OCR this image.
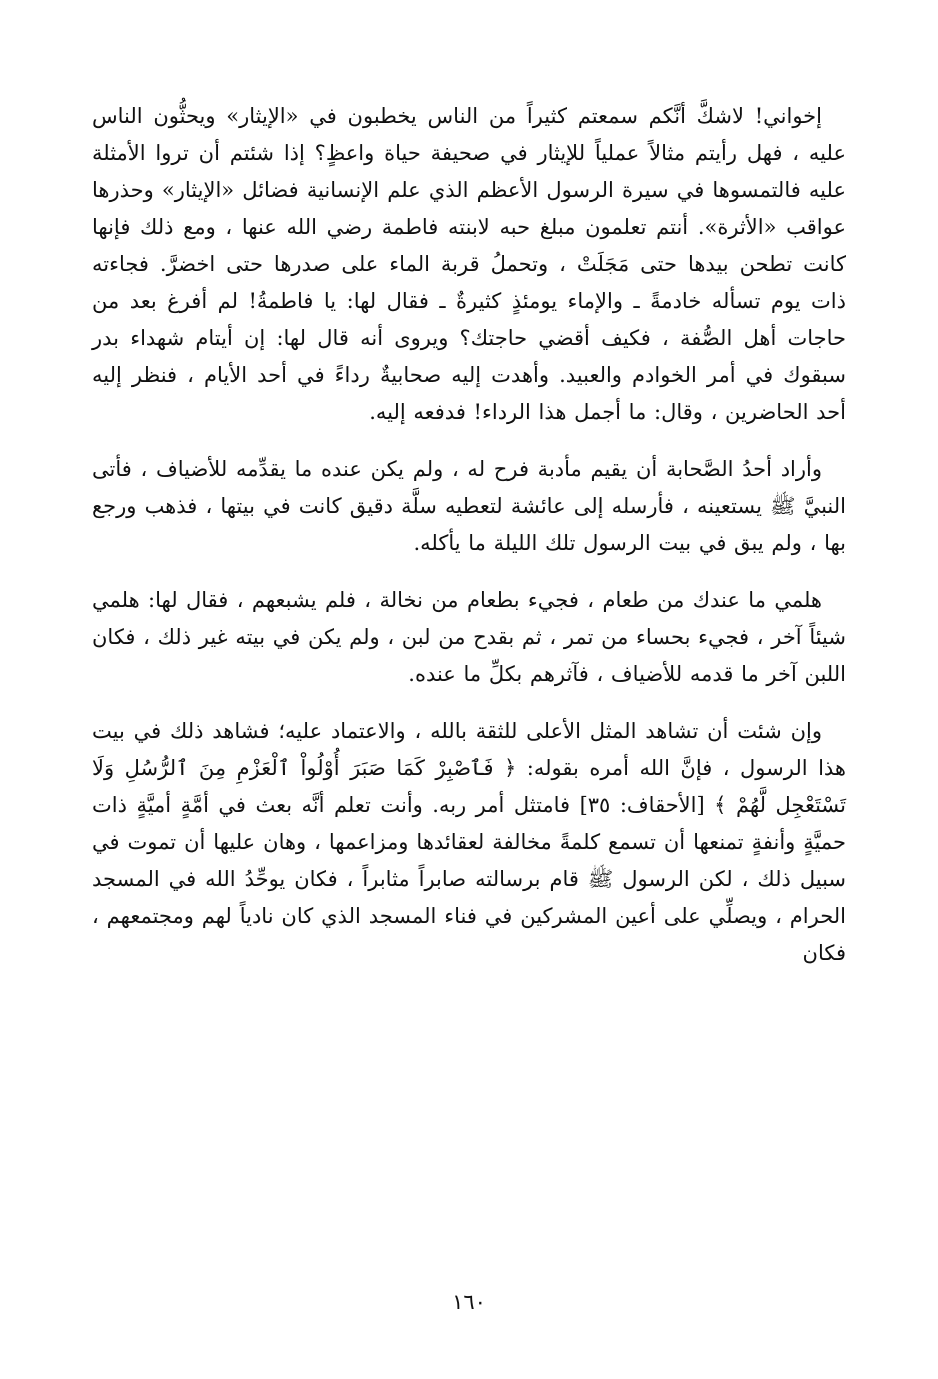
إخواني! لاشكَّ أنَّكم سمعتم كثيراً من الناس يخطبون في «الإيثار» ويحثُّون الناس عليه ، فهل رأيتم مثالاً عملياً للإيثار في صحيفة حياة واعظٍ؟ إذا شئتم أن تروا الأمثلة عليه فالتمسوها في سيرة الرسول الأعظم الذي علم الإنسانية فضائل «الإيثار» وحذرها عواقب «الأثرة». أنتم تعلمون مبلغ حبه لابنته فاطمة رضي الله عنها ، ومع ذلك فإنها كانت تطحن بيدها حتى مَجَلَتْ ، وتحملُ قربة الماء على صدرها حتى اخضرَّ. فجاءته ذات يوم تسأله خادمةً ـ والإماء يومئذٍ كثيرةٌ ـ فقال لها: يا فاطمةُ! لم أفرغ بعد من حاجات أهل الصُّفة ، فكيف أقضي حاجتك؟ ويروى أنه قال لها: إن أيتام شهداء بدر سبقوك في أمر الخوادم والعبيد. وأهدت إليه صحابيةٌ رداءً في أحد الأيام ، فنظر إليه أحد الحاضرين ، وقال: ما أجمل هذا الرداء! فدفعه إليه.

وأراد أحدُ الصَّحابة أن يقيم مأدبة فرح له ، ولم يكن عنده ما يقدِّمه للأضياف ، فأتى النبيَّ ﷺ يستعينه ، فأرسله إلى عائشة لتعطيه سلَّة دقيق كانت في بيتها ، فذهب ورجع بها ، ولم يبق في بيت الرسول تلك الليلة ما يأكله.

هلمي ما عندك من طعام ، فجيء بطعام من نخالة ، فلم يشبعهم ، فقال لها: هلمي شيئاً آخر ، فجيء بحساء من تمر ، ثم بقدح من لبن ، ولم يكن في بيته غير ذلك ، فكان اللبن آخر ما قدمه للأضياف ، فآثرهم بكلِّ ما عنده.

وإن شئت أن تشاهد المثل الأعلى للثقة بالله ، والاعتماد عليه؛ فشاهد ذلك في بيت هذا الرسول ، فإنَّ الله أمره بقوله: ﴿ فَٱصْبِرْ كَمَا صَبَرَ أُوْلُواْ ٱلْعَزْمِ مِنَ ٱلرُّسُلِ وَلَا تَسْتَعْجِل لَّهُمْ ﴾ [الأحقاف: ٣٥] فامتثل أمر ربه. وأنت تعلم أنَّه بعث في أمَّةٍ أميَّةٍ ذات حميَّةٍ وأنفةٍ تمنعها أن تسمع كلمةً مخالفة لعقائدها ومزاعمها ، وهان عليها أن تموت في سبيل ذلك ، لكن الرسول ﷺ قام برسالته صابراً مثابراً ، فكان يوحِّدُ الله في المسجد الحرام ، ويصلِّي على أعين المشركين في فناء المسجد الذي كان نادياً لهم ومجتمعهم ، فكان

١٦٠
